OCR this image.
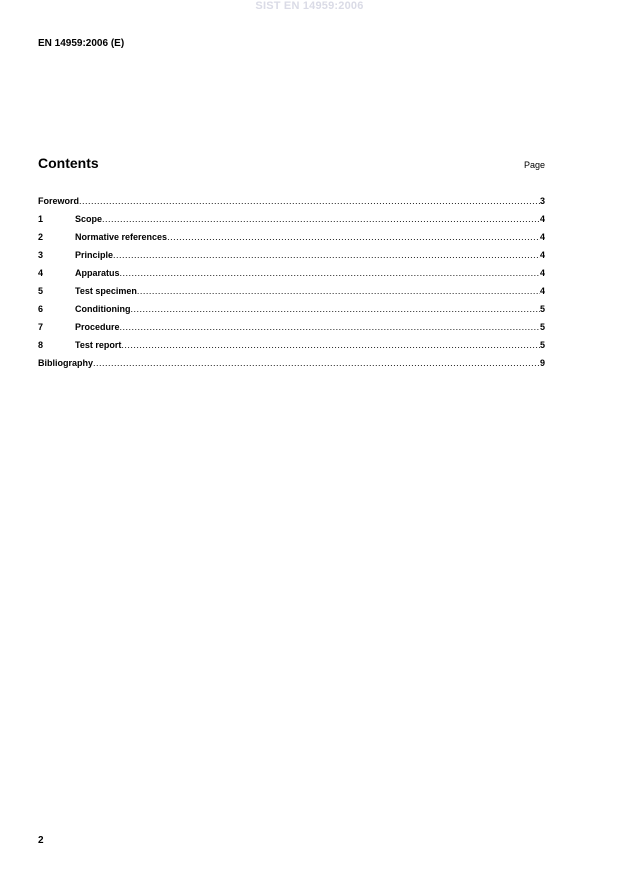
SIST EN 14959:2006
EN 14959:2006 (E)
Contents	Page
Foreword .....	3
1	Scope .....	4
2	Normative references .....	4
3	Principle .....	4
4	Apparatus .....	4
5	Test specimen .....	4
6	Conditioning .....	5
7	Procedure .....	5
8	Test report .....	5
Bibliography .....	9
2
